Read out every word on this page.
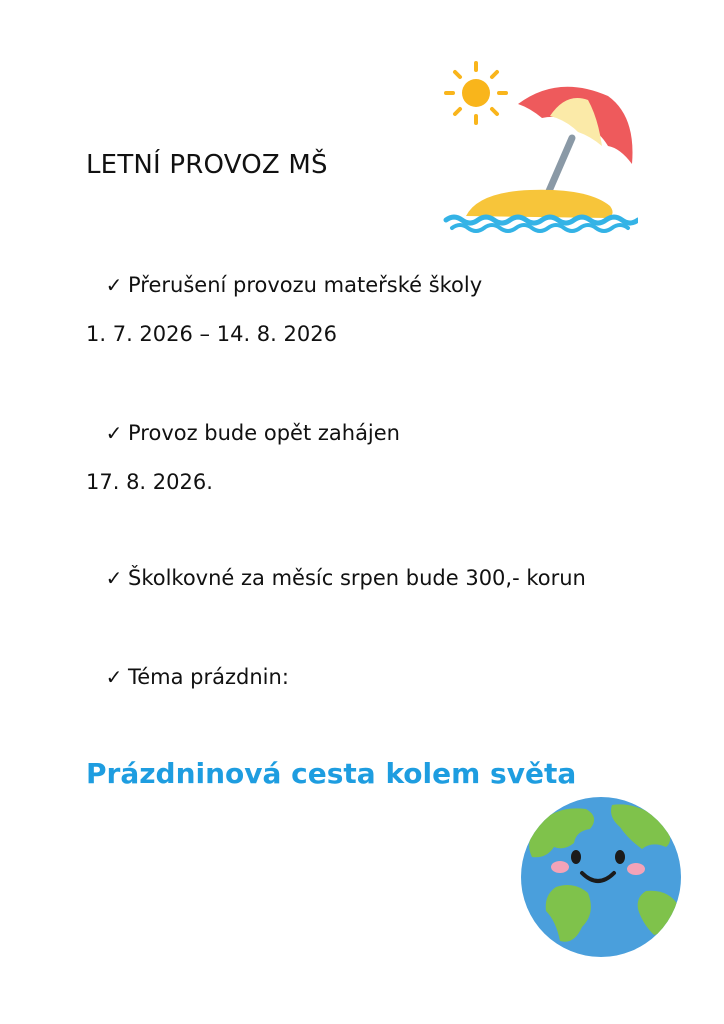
LETNÍ PROVOZ MŠ
✓ Přerušení provozu mateřské školy
1. 7. 2026 – 14. 8. 2026
✓ Provoz bude opět zahájen
17. 8. 2026.
✓ Školkovné za měsíc srpen bude 300,- korun
✓ Téma prázdnin:
Prázdninová cesta kolem světa
